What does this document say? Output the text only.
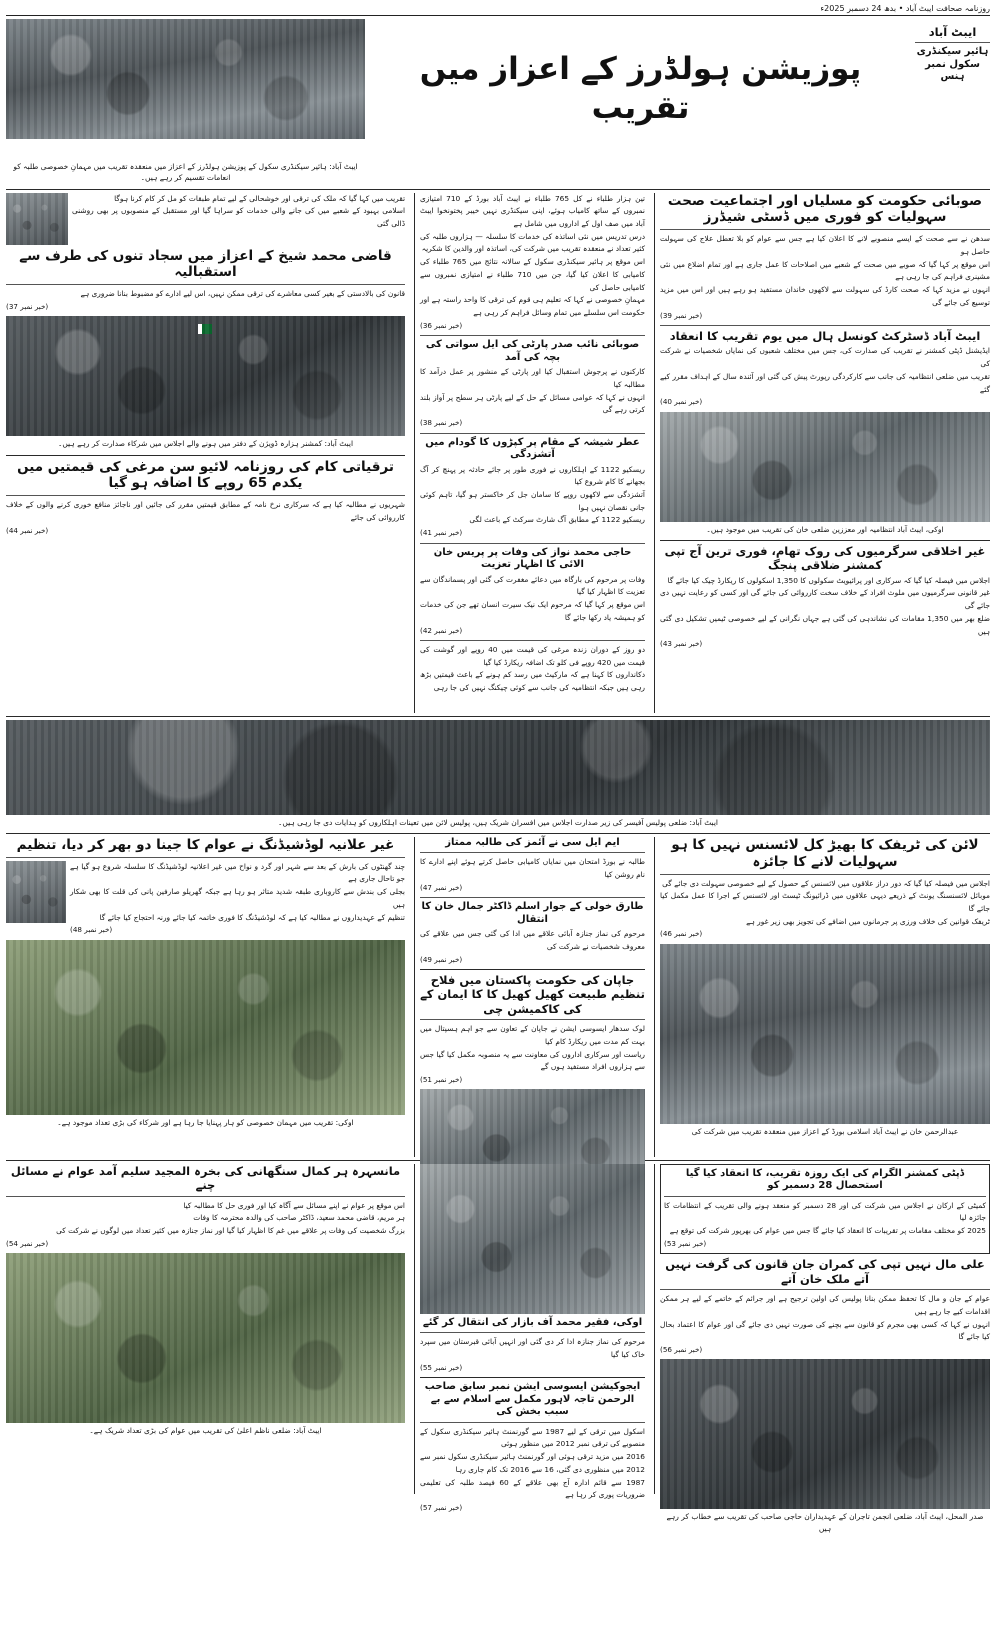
روزنامہ صحافت ایبٹ آباد • بدھ 24 دسمبر 2025ء
ایبٹ آباد
ہائیر سیکنڈری
سکول نمبر ہنس
پوزیشن ہولڈرز کے اعزاز میں تقریب
ایبٹ آباد: ہائیر سیکنڈری سکول کے پوزیشن ہولڈرز کے اعزاز میں منعقدہ تقریب میں مہمانِ خصوصی طلبہ کو انعامات تقسیم کر رہے ہیں۔
صوبائی حکومت کو مسلیاں اور اجتماعیت صحت سہولیات کو فوری میں ڈسٹی شیڈرز
سدھن نے سے صحت کے ایسے منصوبے لانے کا اعلان کیا ہے جس سے عوام کو بلا تعطل علاج کی سہولت حاصل ہو
اس موقع پر کہا گیا کہ صوبے میں صحت کے شعبے میں اصلاحات کا عمل جاری ہے اور تمام اضلاع میں نئی مشینری فراہم کی جا رہی ہے
انہوں نے مزید کہا کہ صحت کارڈ کی سہولت سے لاکھوں خاندان مستفید ہو رہے ہیں اور اس میں مزید توسیع کی جائے گی
(خبر نمبر 39)
ایبٹ آباد ڈسٹرکٹ کونسل ہال میں یوم تقریب کا انعقاد
ایڈیشنل ڈپٹی کمشنر نے تقریب کی صدارت کی، جس میں مختلف شعبوں کی نمایاں شخصیات نے شرکت کی
تقریب میں ضلعی انتظامیہ کی جانب سے کارکردگی رپورٹ پیش کی گئی اور آئندہ سال کے اہداف مقرر کیے گئے
(خبر نمبر 40)
اوکی، ایبٹ آباد انتظامیہ اور معززین ضلعی خان کی تقریب میں موجود ہیں۔
غیر اخلاقی سرگرمیوں کی روک تھام، فوری ترین آج تپی کمشنر ضلاقی پنجگ
اجلاس میں فیصلہ کیا گیا کہ سرکاری اور پرائیویٹ سکولوں کا 1,350 اسکولوں کا ریکارڈ چیک کیا جائے گا
غیر قانونی سرگرمیوں میں ملوث افراد کے خلاف سخت کارروائی کی جائے گی اور کسی کو رعایت نہیں دی جائے گی
ضلع بھر میں 1,350 مقامات کی نشاندہی کی گئی ہے جہاں نگرانی کے لیے خصوصی ٹیمیں تشکیل دی گئی ہیں
(خبر نمبر 43)
تین ہزار طلباء نے کل 765 طلباء نے ایبٹ آباد بورڈ کے 710 امتیازی نمبروں کے ساتھ کامیاب ہوئے، اپنی سیکنڈری نہیں خیبر پختونخوا ایبٹ آباد میں صف اول کے اداروں میں شامل ہے
درس تدریس میں نئی اساتذہ کی خدمات کا سلسلہ — ہزاروں طلبہ کی کثیر تعداد نے منعقدہ تقریب میں شرکت کی، اساتذہ اور والدین کا شکریہ
اس موقع پر ہائیر سیکنڈری سکول کے سالانہ نتائج میں 765 طلباء کی کامیابی کا اعلان کیا گیا، جن میں 710 طلباء نے امتیازی نمبروں سے کامیابی حاصل کی
مہمانِ خصوصی نے کہا کہ تعلیم ہی قوم کی ترقی کا واحد راستہ ہے اور حکومت اس سلسلے میں تمام وسائل فراہم کر رہی ہے
(خبر نمبر 36)
صوبائی نائب صدر پارٹی کی ایل سواتی کی بچہ کی آمد
کارکنوں نے پرجوش استقبال کیا اور پارٹی کے منشور پر عمل درآمد کا مطالبہ کیا
انہوں نے کہا کہ عوامی مسائل کے حل کے لیے پارٹی ہر سطح پر آواز بلند کرتی رہے گی
(خبر نمبر 38)
عطر شیشہ کے مقام پر کپڑوں کا گودام میں آتشزدگی
ریسکیو 1122 کے اہلکاروں نے فوری طور پر جائے حادثہ پر پہنچ کر آگ بجھانے کا کام شروع کیا
آتشزدگی سے لاکھوں روپے کا سامان جل کر خاکستر ہو گیا، تاہم کوئی جانی نقصان نہیں ہوا
ریسکیو 1122 کے مطابق آگ شارٹ سرکٹ کے باعث لگی
(خبر نمبر 41)
حاجی محمد نواز کی وفات پر پریس خان الائی کا اظہار تعزیت
وفات پر مرحوم کی بارگاہ میں دعائے مغفرت کی گئی اور پسماندگان سے تعزیت کا اظہار کیا گیا
اس موقع پر کہا گیا کہ مرحوم ایک نیک سیرت انسان تھے جن کی خدمات کو ہمیشہ یاد رکھا جائے گا
(خبر نمبر 42)
دو روز کے دوران زندہ مرغی کی قیمت میں 40 روپے اور گوشت کی قیمت میں 420 روپے فی کلو تک اضافہ ریکارڈ کیا گیا
دکانداروں کا کہنا ہے کہ مارکیٹ میں رسد کم ہونے کے باعث قیمتیں بڑھ رہی ہیں جبکہ انتظامیہ کی جانب سے کوئی چیکنگ نہیں کی جا رہی
تقریب میں کہا گیا کہ ملک کی ترقی اور خوشحالی کے لیے تمام طبقات کو مل کر کام کرنا ہوگا
اسلامی بہبود کے شعبے میں کی جانے والی خدمات کو سراہا گیا اور مستقبل کے منصوبوں پر بھی روشنی ڈالی گئی
قاضی محمد شیخ کے اعزاز میں سجاد تنوں کی طرف سے استقبالیہ
قانون کی بالادستی کے بغیر کسی معاشرے کی ترقی ممکن نہیں، اس لیے ادارے کو مضبوط بنانا ضروری ہے
(خبر نمبر 37)
ایبٹ آباد: کمشنر ہزارہ ڈویژن کے دفتر میں ہونے والے اجلاس میں شرکاء صدارت کر رہے ہیں۔
ترقیاتی کام کی روزنامہ لائیو سن مرغی کی قیمتیں میں یکدم 65 روپے کا اضافہ ہو گیا
شہریوں نے مطالبہ کیا ہے کہ سرکاری نرخ نامہ کے مطابق قیمتیں مقرر کی جائیں اور ناجائز منافع خوری کرنے والوں کے خلاف کارروائی کی جائے
(خبر نمبر 44)
ایبٹ آباد: ضلعی پولیس آفیسر کی زیر صدارت اجلاس میں افسران شریک ہیں، پولیس لائن میں تعینات اہلکاروں کو ہدایات دی جا رہی ہیں۔
لائن کی ٹریفک کا بھیڑ کل لائسنس نہیں کا ہو سہولیات لانے کا جائزہ
اجلاس میں فیصلہ کیا گیا کہ دور دراز علاقوں میں لائسنس کے حصول کے لیے خصوصی سہولت دی جائے گی
موبائل لائسنسنگ یونٹ کے ذریعے دیہی علاقوں میں ڈرائیونگ ٹیسٹ اور لائسنس کے اجرا کا عمل مکمل کیا جائے گا
ٹریفک قوانین کی خلاف ورزی پر جرمانوں میں اضافے کی تجویز بھی زیر غور ہے
(خبر نمبر 46)
عبدالرحمن خان نے ایبٹ آباد اسلامی بورڈ کے اعزاز میں منعقدہ تقریب میں شرکت کی
ایم ایل سی نے آئمز کی طالبہ ممتاز
طالبہ نے بورڈ امتحان میں نمایاں کامیابی حاصل کرتے ہوئے اپنے ادارے کا نام روشن کیا
(خبر نمبر 47)
طارق خولی کے جوار اسلم ڈاکٹر جمال خان کا انتقال
مرحوم کی نماز جنازہ آبائی علاقے میں ادا کی گئی جس میں علاقے کی معروف شخصیات نے شرکت کی
(خبر نمبر 49)
جاپان کی حکومت پاکستان میں فلاح تنظیم طبیعت کھیل کھیل کا کا ایمان کے کی کاکمیشن چی
لوک سدھار ایسوسی ایشن نے جاپان کے تعاون سے جو اہم ہسپتال میں بہت کم مدت میں ریکارڈ کام کیا
ریاست اور سرکاری اداروں کی معاونت سے یہ منصوبہ مکمل کیا گیا جس سے ہزاروں افراد مستفید ہوں گے
(خبر نمبر 51)
غیر علانیہ لوڈشیڈنگ نے عوام کا جینا دو بھر کر دیا، تنظیم
چند گھنٹوں کی بارش کے بعد سے شہر اور گرد و نواح میں غیر اعلانیہ لوڈشیڈنگ کا سلسلہ شروع ہو گیا ہے جو تاحال جاری ہے
بجلی کی بندش سے کاروباری طبقہ شدید متاثر ہو رہا ہے جبکہ گھریلو صارفین پانی کی قلت کا بھی شکار ہیں
تنظیم کے عہدیداروں نے مطالبہ کیا ہے کہ لوڈشیڈنگ کا فوری خاتمہ کیا جائے ورنہ احتجاج کیا جائے گا
(خبر نمبر 48)
اوکی: تقریب میں مہمان خصوصی کو ہار پہنایا جا رہا ہے اور شرکاء کی بڑی تعداد موجود ہے۔
ڈپٹی کمشنر الگرام کی ایک روزہ تقریب، کا انعقاد کیا گیا
استحصال 28 دسمبر کو
کمیٹی کے ارکان نے اجلاس میں شرکت کی اور 28 دسمبر کو منعقد ہونے والی تقریب کے انتظامات کا جائزہ لیا
2025 کو مختلف مقامات پر تقریبات کا انعقاد کیا جائے گا جس میں عوام کی بھرپور شرکت کی توقع ہے
(خبر نمبر 53)
علی مال نہیں تپی کی کمران جان قانون کی گرفت نہیں آتے ملک خان آتے
عوام کے جان و مال کا تحفظ ممکن بنانا پولیس کی اولین ترجیح ہے اور جرائم کے خاتمے کے لیے ہر ممکن اقدامات کیے جا رہے ہیں
انہوں نے کہا کہ کسی بھی مجرم کو قانون سے بچنے کی صورت نہیں دی جائے گی اور عوام کا اعتماد بحال کیا جائے گا
(خبر نمبر 56)
صدر المحل، ایبٹ آباد، ضلعی انجمن تاجران کے عہدیداران حاجی صاحب کی تقریب سے خطاب کر رہے ہیں
اوکی، فقیر محمد آف بازار کی انتقال کر گئے
مرحوم کی نماز جنازہ ادا کر دی گئی اور انہیں آبائی قبرستان میں سپرد خاک کیا گیا
(خبر نمبر 55)
ایجوکیشن ایسوسی ایشن نمبر سابق صاحب الرحمن تاجہ لاہور مکمل سے اسلام سے بے سبب بخش کی
اسکول میں ترقی کے لیے 1987 سے گورنمنٹ ہائیر سیکنڈری سکول کے منصوبے کی ترقی نمبر 2012 میں منظور ہوئی
2016 میں مزید ترقی ہوئی اور گورنمنٹ ہائیر سیکنڈری سکول نمبر سے 2012 میں منظوری دی گئی، 16 سے 2016 تک کام جاری رہا
1987 سے قائم ادارہ آج بھی علاقے کے 60 فیصد طلبہ کی تعلیمی ضروریات پوری کر رہا ہے
(خبر نمبر 57)
مانسہرہ ہر کمال سنگھانی کی بخرہ المجید سلیم آمد عوام نے مسائل چنے
اس موقع پر عوام نے اپنے مسائل سے آگاہ کیا اور فوری حل کا مطالبہ کیا
ہر مریم، قاضی محمد سعید، ڈاکٹر صاحب کی والدہ محترمہ کا وفات
بزرگ شخصیت کی وفات پر علاقے میں غم کا اظہار کیا گیا اور نماز جنازہ میں کثیر تعداد میں لوگوں نے شرکت کی
(خبر نمبر 54)
ایبٹ آباد: ضلعی ناظم اعلیٰ کی تقریب میں عوام کی بڑی تعداد شریک ہے۔
